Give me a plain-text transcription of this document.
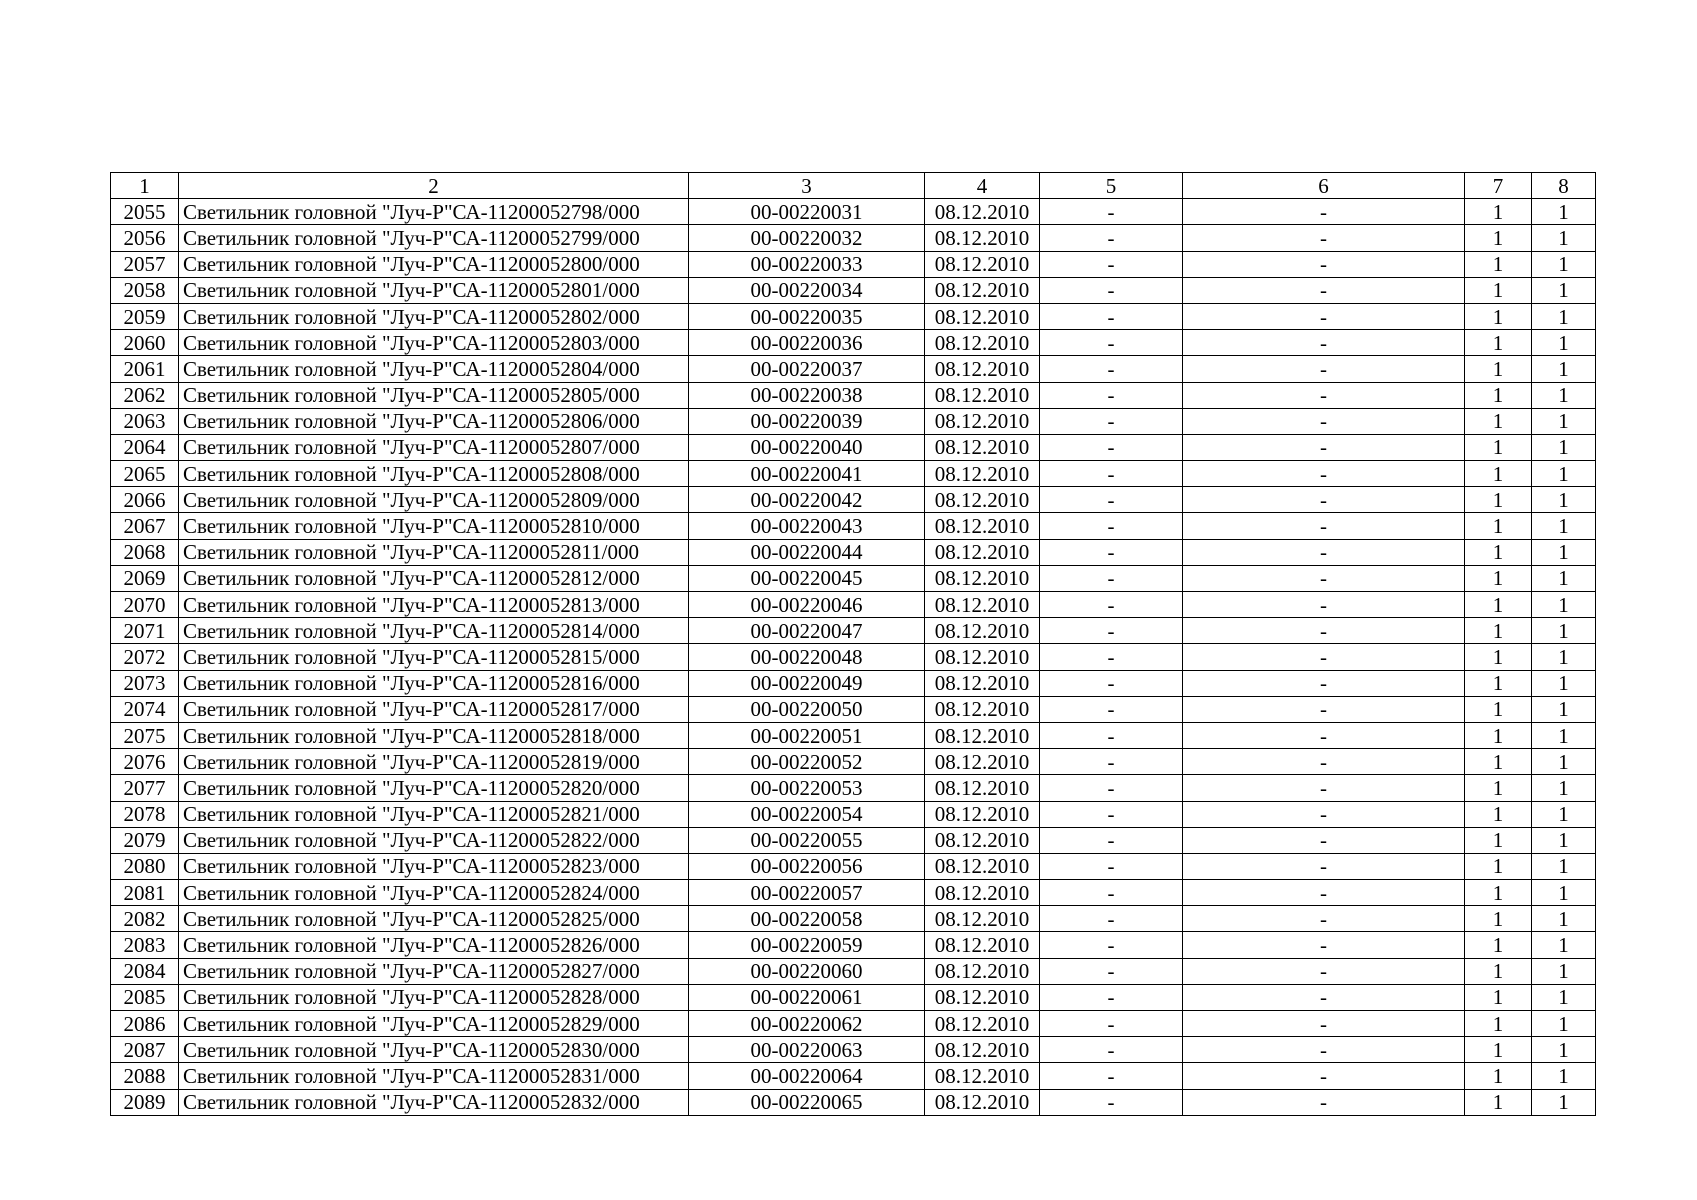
1	2	3	4	5	6	7	8
2055	Светильник головной "Луч-Р"СА-11200052798/000	00-00220031	08.12.2010	-	-	1	1
2056	Светильник головной "Луч-Р"СА-11200052799/000	00-00220032	08.12.2010	-	-	1	1
2057	Светильник головной "Луч-Р"СА-11200052800/000	00-00220033	08.12.2010	-	-	1	1
2058	Светильник головной "Луч-Р"СА-11200052801/000	00-00220034	08.12.2010	-	-	1	1
2059	Светильник головной "Луч-Р"СА-11200052802/000	00-00220035	08.12.2010	-	-	1	1
2060	Светильник головной "Луч-Р"СА-11200052803/000	00-00220036	08.12.2010	-	-	1	1
2061	Светильник головной "Луч-Р"СА-11200052804/000	00-00220037	08.12.2010	-	-	1	1
2062	Светильник головной "Луч-Р"СА-11200052805/000	00-00220038	08.12.2010	-	-	1	1
2063	Светильник головной "Луч-Р"СА-11200052806/000	00-00220039	08.12.2010	-	-	1	1
2064	Светильник головной "Луч-Р"СА-11200052807/000	00-00220040	08.12.2010	-	-	1	1
2065	Светильник головной "Луч-Р"СА-11200052808/000	00-00220041	08.12.2010	-	-	1	1
2066	Светильник головной "Луч-Р"СА-11200052809/000	00-00220042	08.12.2010	-	-	1	1
2067	Светильник головной "Луч-Р"СА-11200052810/000	00-00220043	08.12.2010	-	-	1	1
2068	Светильник головной "Луч-Р"СА-11200052811/000	00-00220044	08.12.2010	-	-	1	1
2069	Светильник головной "Луч-Р"СА-11200052812/000	00-00220045	08.12.2010	-	-	1	1
2070	Светильник головной "Луч-Р"СА-11200052813/000	00-00220046	08.12.2010	-	-	1	1
2071	Светильник головной "Луч-Р"СА-11200052814/000	00-00220047	08.12.2010	-	-	1	1
2072	Светильник головной "Луч-Р"СА-11200052815/000	00-00220048	08.12.2010	-	-	1	1
2073	Светильник головной "Луч-Р"СА-11200052816/000	00-00220049	08.12.2010	-	-	1	1
2074	Светильник головной "Луч-Р"СА-11200052817/000	00-00220050	08.12.2010	-	-	1	1
2075	Светильник головной "Луч-Р"СА-11200052818/000	00-00220051	08.12.2010	-	-	1	1
2076	Светильник головной "Луч-Р"СА-11200052819/000	00-00220052	08.12.2010	-	-	1	1
2077	Светильник головной "Луч-Р"СА-11200052820/000	00-00220053	08.12.2010	-	-	1	1
2078	Светильник головной "Луч-Р"СА-11200052821/000	00-00220054	08.12.2010	-	-	1	1
2079	Светильник головной "Луч-Р"СА-11200052822/000	00-00220055	08.12.2010	-	-	1	1
2080	Светильник головной "Луч-Р"СА-11200052823/000	00-00220056	08.12.2010	-	-	1	1
2081	Светильник головной "Луч-Р"СА-11200052824/000	00-00220057	08.12.2010	-	-	1	1
2082	Светильник головной "Луч-Р"СА-11200052825/000	00-00220058	08.12.2010	-	-	1	1
2083	Светильник головной "Луч-Р"СА-11200052826/000	00-00220059	08.12.2010	-	-	1	1
2084	Светильник головной "Луч-Р"СА-11200052827/000	00-00220060	08.12.2010	-	-	1	1
2085	Светильник головной "Луч-Р"СА-11200052828/000	00-00220061	08.12.2010	-	-	1	1
2086	Светильник головной "Луч-Р"СА-11200052829/000	00-00220062	08.12.2010	-	-	1	1
2087	Светильник головной "Луч-Р"СА-11200052830/000	00-00220063	08.12.2010	-	-	1	1
2088	Светильник головной "Луч-Р"СА-11200052831/000	00-00220064	08.12.2010	-	-	1	1
2089	Светильник головной "Луч-Р"СА-11200052832/000	00-00220065	08.12.2010	-	-	1	1
